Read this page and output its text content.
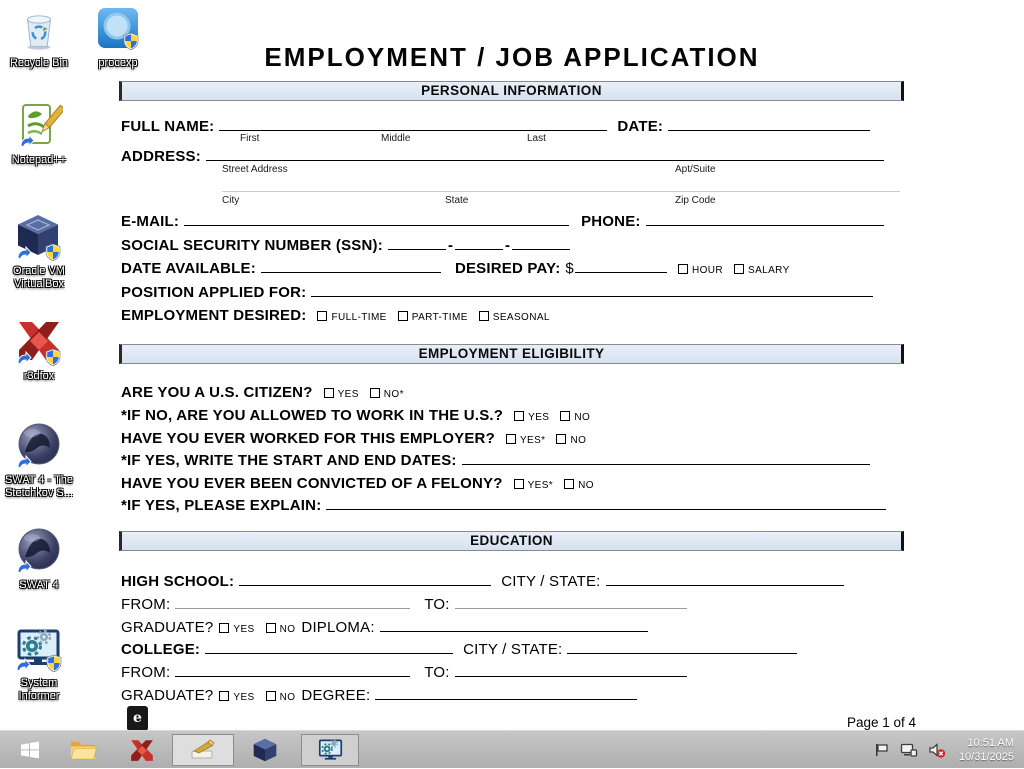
Recycle Bin	procexp
Notepad++
Oracle VM VirtualBox
r3dfox
SWAT 4 - The Stetchkov S...
SWAT 4
System Informer
EMPLOYMENT / JOB APPLICATION
PERSONAL INFORMATION
FULL NAME:	DATE:
First	Middle	Last
ADDRESS:
Street Address	Apt/Suite
City	State	Zip Code
E-MAIL:	PHONE:
SOCIAL SECURITY NUMBER (SSN):	-	-
DATE AVAILABLE:	DESIRED PAY: $	HOUR	SALARY
POSITION APPLIED FOR:
EMPLOYMENT DESIRED:	FULL-TIME	PART-TIME	SEASONAL
EMPLOYMENT ELIGIBILITY
ARE YOU A U.S. CITIZEN?	YES	NO*
*IF NO, ARE YOU ALLOWED TO WORK IN THE U.S.?	YES	NO
HAVE YOU EVER WORKED FOR THIS EMPLOYER?	YES*	NO
*IF YES, WRITE THE START AND END DATES:
HAVE YOU EVER BEEN CONVICTED OF A FELONY?	YES*	NO
*IF YES, PLEASE EXPLAIN:
EDUCATION
HIGH SCHOOL:	CITY / STATE:
FROM:	TO:
GRADUATE? YES	NO DIPLOMA:
COLLEGE:	CITY / STATE:
FROM:	TO:
GRADUATE? YES	NO DEGREE:
e	Page 1 of 4
10:51 AM
10/31/2025
